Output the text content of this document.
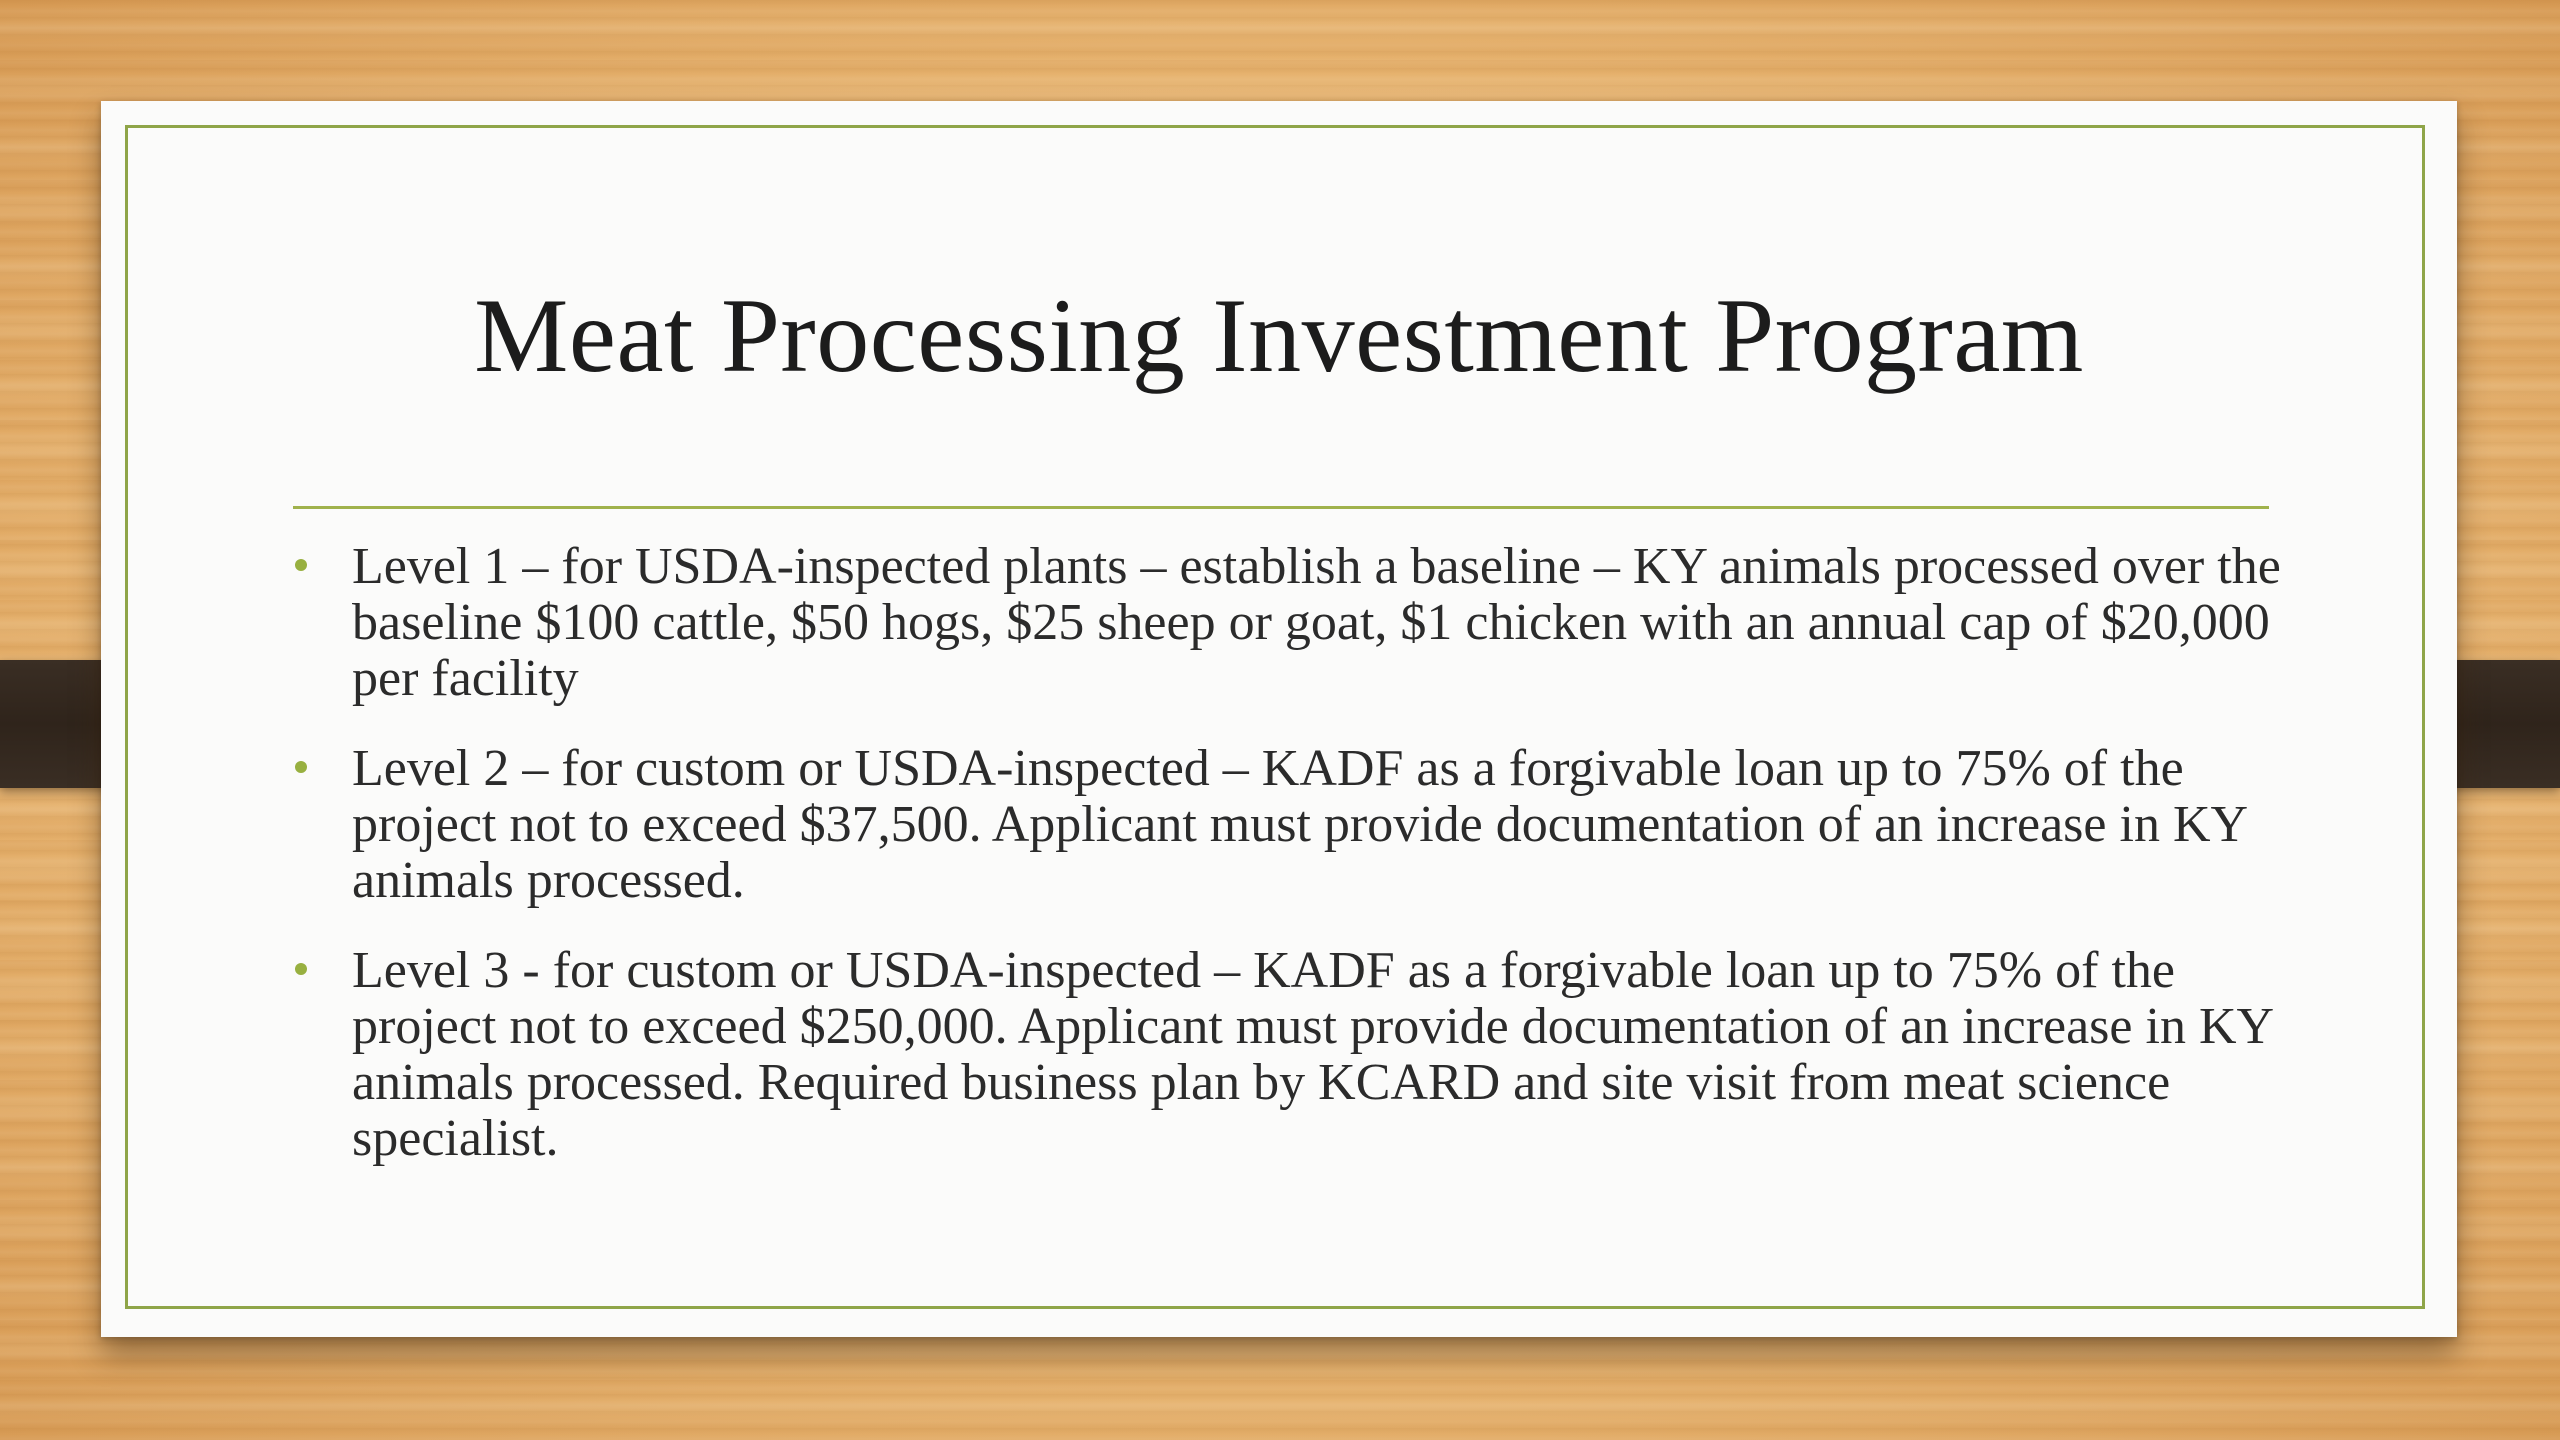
Meat Processing Investment Program
Level 1 – for USDA-inspected plants – establish a baseline – KY animals processed over the baseline $100 cattle, $50 hogs, $25 sheep or goat, $1 chicken with an annual cap of $20,000 per facility
Level 2 – for custom or USDA-inspected – KADF as a forgivable loan up to 75% of the project not to exceed $37,500. Applicant must provide documentation of an increase in KY animals processed.
Level 3 - for custom or USDA-inspected – KADF as a forgivable loan up to 75% of the project not to exceed $250,000. Applicant must provide documentation of an increase in KY animals processed. Required business plan by KCARD and site visit from meat science specialist.
